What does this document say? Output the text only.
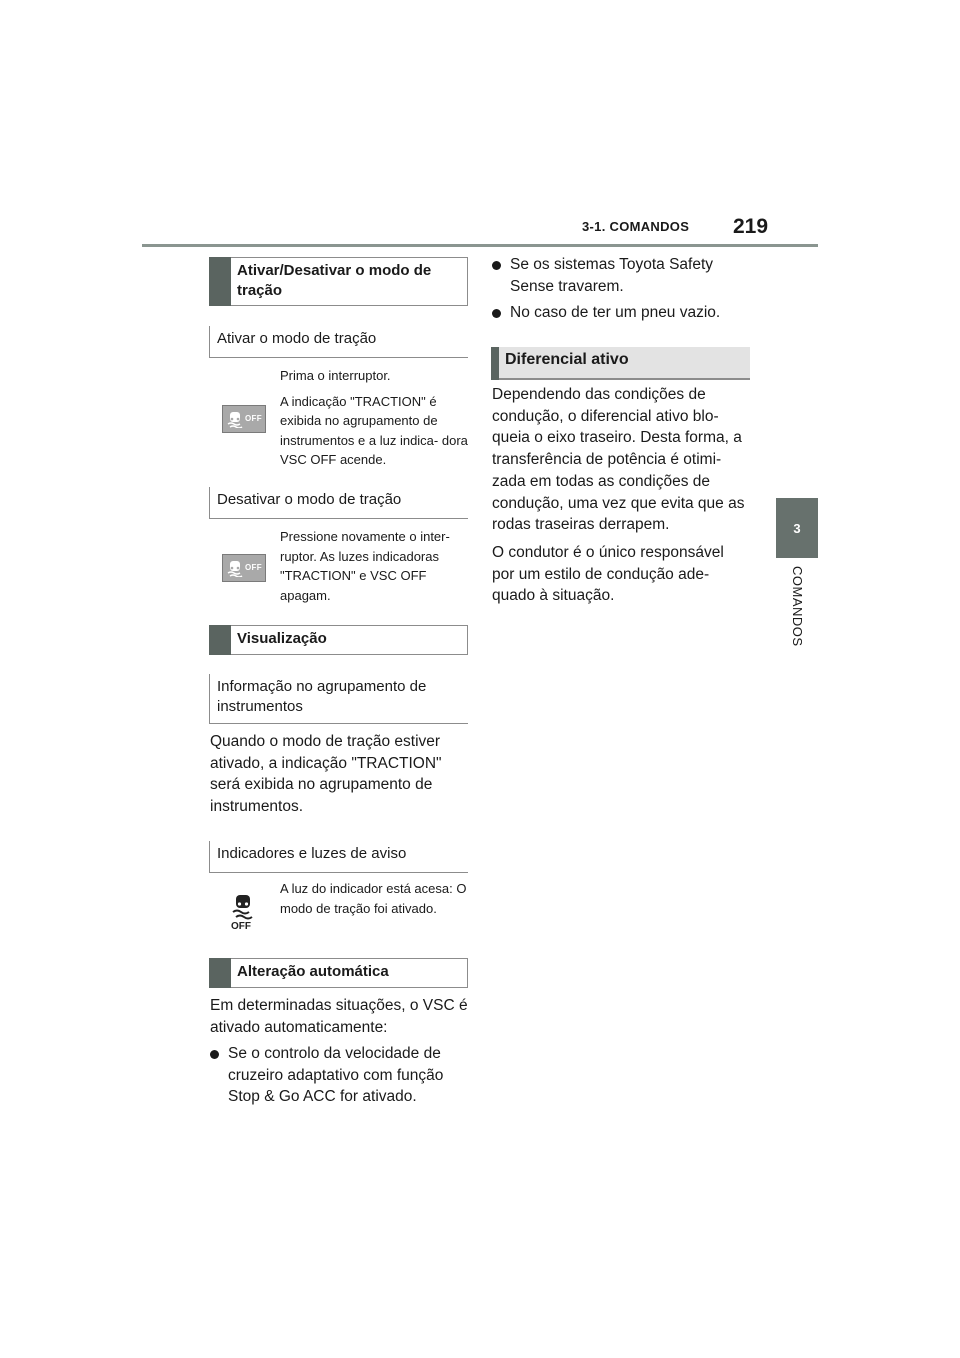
3-1. COMANDOS 219
3
COMANDOS
Ativar/Desativar o modo de tração
Ativar o modo de tração
OFF

Prima o interruptor.

A indicação "TRACTION" é exibida no agrupamento de instrumentos e a luz indica- dora VSC OFF acende.

Desativar o modo de tração
OFF

Pressione novamente o inter- ruptor. As luzes indicadoras "TRACTION" e VSC OFF apagam.

Visualização
Informação no agrupamento de instrumentos
Quando o modo de tração estiver ativado, a indicação "TRACTION" será exibida no agrupamento de instrumentos.
Indicadores e luzes de aviso
OFF
A luz do indicador está acesa: O modo de tração foi ativado.
Alteração automática
Em determinadas situações, o VSC é ativado automaticamente:
Se o controlo da velocidade de cruzeiro adaptativo com função Stop & Go ACC for ativado.
Se os sistemas Toyota Safety Sense travarem.
No caso de ter um pneu vazio.
Diferencial ativo
Dependendo das condições de condução, o diferencial ativo blo- queia o eixo traseiro. Desta forma, a transferência de potência é otimi- zada em todas as condições de condução, uma vez que evita que as rodas traseiras derrapem.
O condutor é o único responsável por um estilo de condução ade- quado à situação.
